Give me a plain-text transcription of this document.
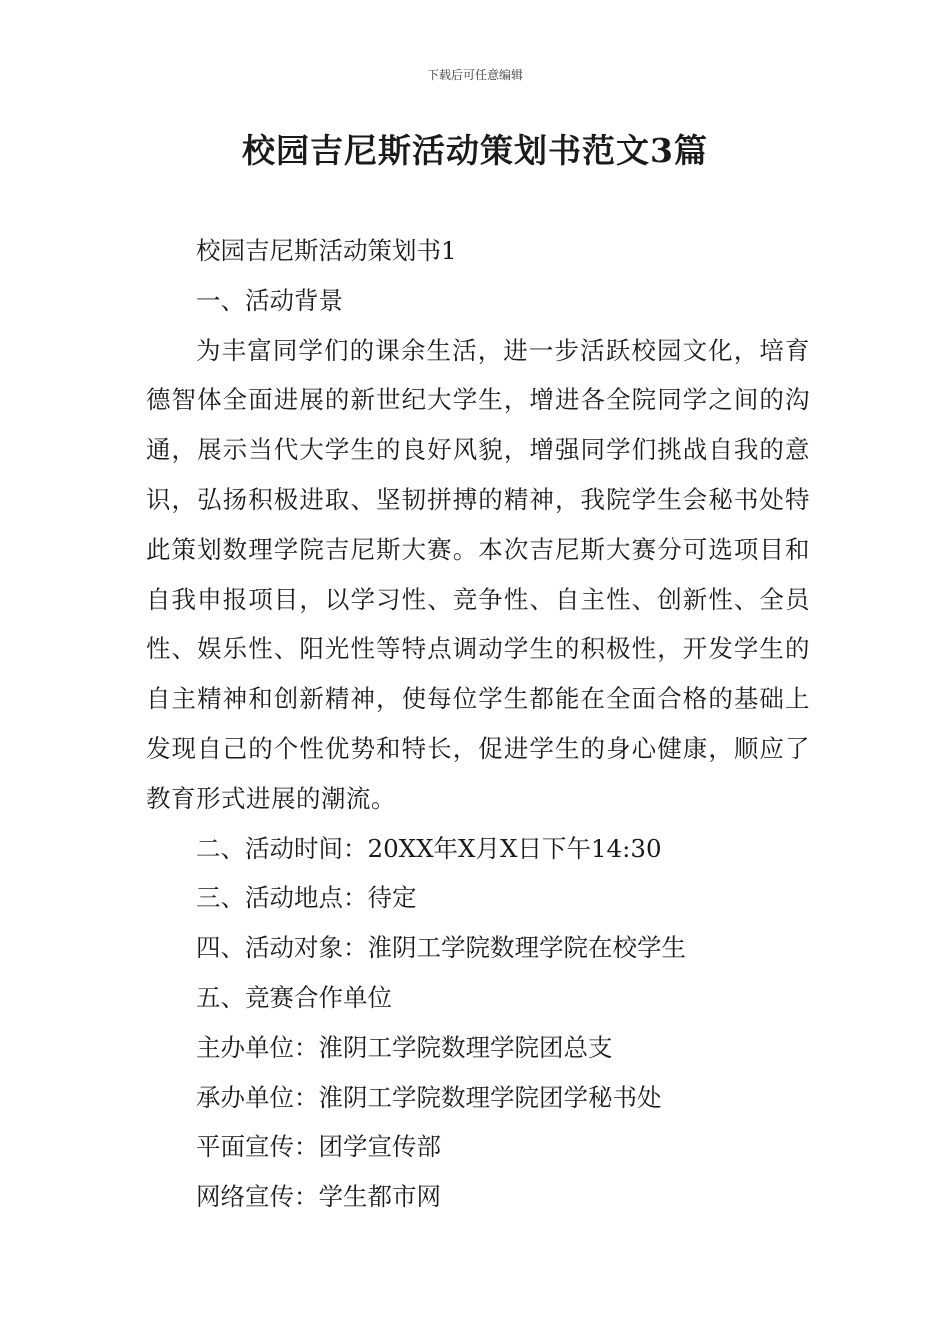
下载后可任意编辑
校园吉尼斯活动策划书范文3篇

校园吉尼斯活动策划书1

一、活动背景

为丰富同学们的课余生活，进一步活跃校园文化，培育德智体全面进展的新世纪大学生，增进各全院同学之间的沟通，展示当代大学生的良好风貌，增强同学们挑战自我的意识，弘扬积极进取、坚韧拼搏的精神，我院学生会秘书处特此策划数理学院吉尼斯大赛。本次吉尼斯大赛分可选项目和自我申报项目，以学习性、竞争性、自主性、创新性、全员性、娱乐性、阳光性等特点调动学生的积极性，开发学生的自主精神和创新精神，使每位学生都能在全面合格的基础上发现自己的个性优势和特长，促进学生的身心健康，顺应了教育形式进展的潮流。

二、活动时间：20XX年X月X日下午14:30

三、活动地点：待定

四、活动对象：淮阴工学院数理学院在校学生

五、竞赛合作单位

主办单位：淮阴工学院数理学院团总支

承办单位：淮阴工学院数理学院团学秘书处

平面宣传：团学宣传部

网络宣传：学生都市网
